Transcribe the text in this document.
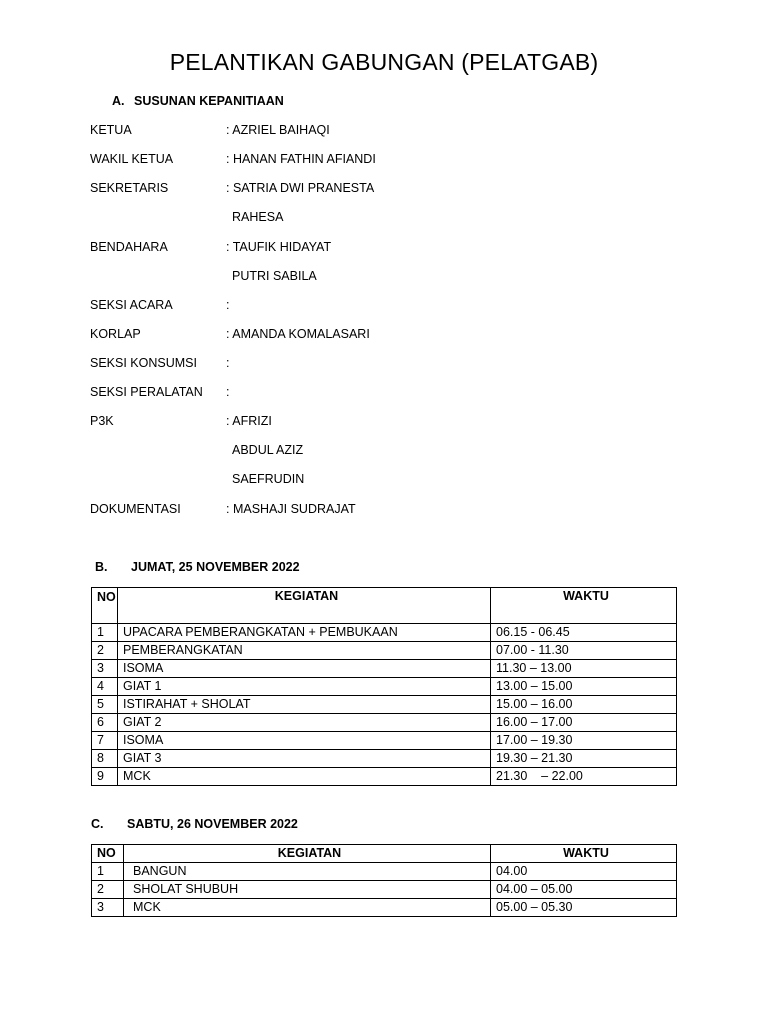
PELANTIKAN GABUNGAN (PELATGAB)
A. SUSUNAN KEPANITIAAN
KETUA	: AZRIEL BAIHAQI
WAKIL KETUA	: HANAN FATHIN AFIANDI
SEKRETARIS	: SATRIA DWI PRANESTA
RAHESA
BENDAHARA	: TAUFIK HIDAYAT
PUTRI SABILA
SEKSI ACARA	:
KORLAP	: AMANDA KOMALASARI
SEKSI KONSUMSI :
SEKSI PERALATAN :
P3K	: AFRIZI
ABDUL AZIZ
SAEFRUDIN
DOKUMENTASI	: MASHAJI SUDRAJAT
B. JUMAT, 25 NOVEMBER 2022
NO	KEGIATAN	WAKTU
1	UPACARA PEMBERANGKATAN + PEMBUKAAN	06.15 - 06.45
2	PEMBERANGKATAN	07.00 - 11.30
3	ISOMA	11.30 – 13.00
4	GIAT 1	13.00 – 15.00
5	ISTIRAHAT + SHOLAT	15.00 – 16.00
6	GIAT 2	16.00 – 17.00
7	ISOMA	17.00 – 19.30
8	GIAT 3	19.30 – 21.30
9	MCK	21.30    – 22.00
C. SABTU, 26 NOVEMBER 2022
NO	KEGIATAN	WAKTU
1	BANGUN	04.00
2	SHOLAT SHUBUH	04.00 – 05.00
3	MCK	05.00 – 05.30
